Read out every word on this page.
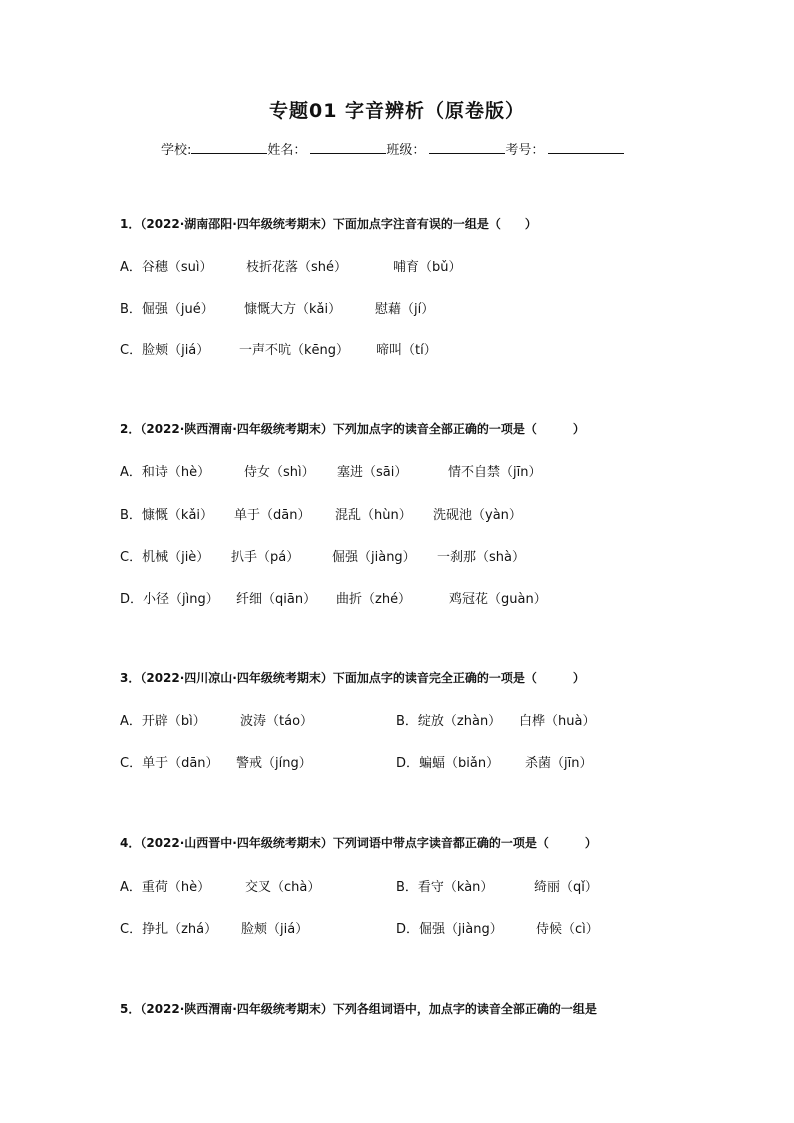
专题01 字音辨析（原卷版）
学校:	姓名：	班级：	考号：
1．（2022·湖南邵阳·四年级统考期末）下面加点字注音有误的一组是（　　）
A．谷穗（suì）	枝折花落（shé）	哺育（bǔ）
B．倔强（jué） 慷慨大方（kǎi）	慰藉（jí）
C．脸颊（jiá） 一声不吭（kēng） 啼叫（tí）
2．（2022·陕西渭南·四年级统考期末）下列加点字的读音全部正确的一项是（　　　）
A．和诗（hè）	侍女（shì） 塞进（sāi）	情不自禁（jīn）
B．慷慨（kǎi） 单于（dān） 混乱（hùn） 洗砚池（yàn）
C．机械（jiè） 扒手（pá）	倔强（jiàng） 一刹那（shà）
D．小径（jìng） 纤细（qiān） 曲折（zhé）	鸡冠花（guàn）
3．（2022·四川凉山·四年级统考期末）下面加点字的读音完全正确的一项是（　　　）
A．开辟（bì）	波涛（táo）	B．绽放（zhàn） 白桦（huà）
C．单于（dān） 警戒（jíng）	D．蝙蝠（biǎn） 杀菌（jīn）
4．（2022·山西晋中·四年级统考期末）下列词语中带点字读音都正确的一项是（　　　）
A．重荷（hè）	交叉（chà）	B．看守（kàn）	绮丽（qǐ）
C．挣扎（zhá） 脸颊（jiá）	D．倔强（jiàng）	侍候（cì）
5．（2022·陕西渭南·四年级统考期末）下列各组词语中，加点字的读音全部正确的一组是
